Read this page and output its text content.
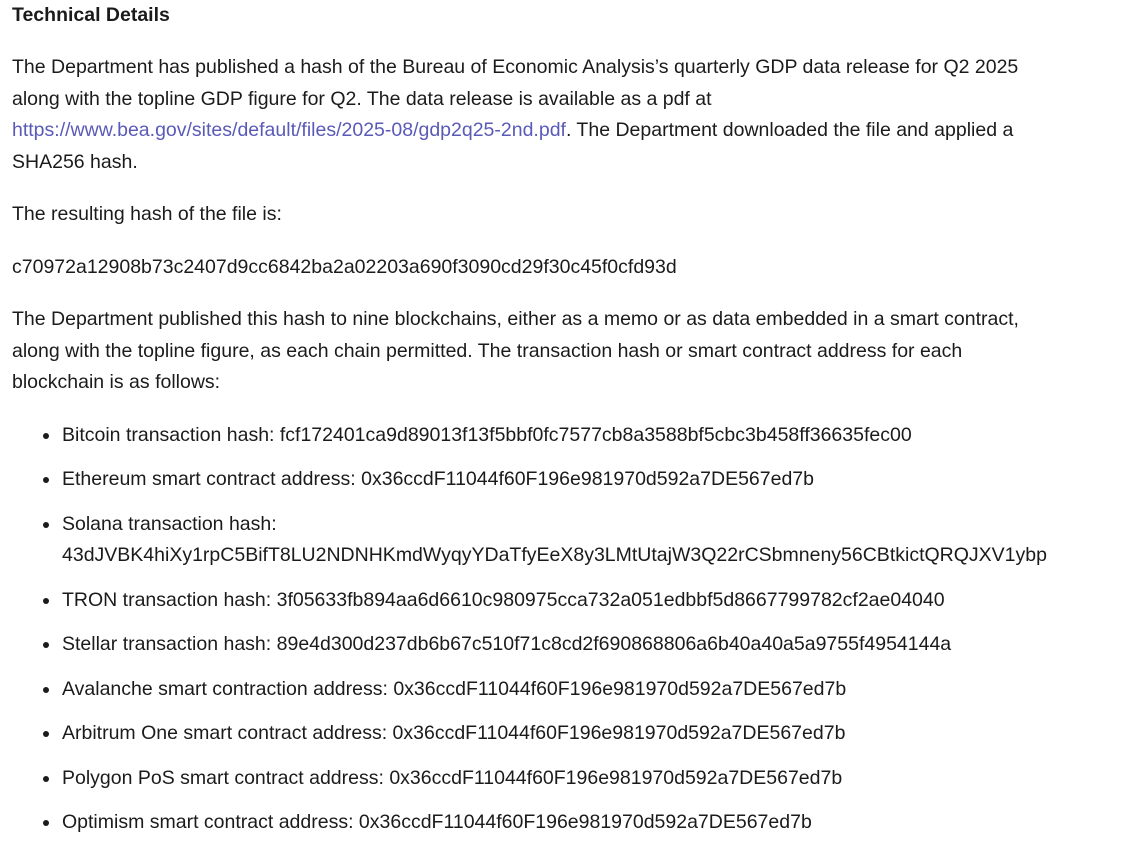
Technical Details

The Department has published a hash of the Bureau of Economic Analysis’s quarterly GDP data release for Q2 2025 along with the topline GDP figure for Q2. The data release is available as a pdf at https://www.bea.gov/sites/default/files/2025-08/gdp2q25-2nd.pdf. The Department downloaded the file and applied a SHA256 hash.

The resulting hash of the file is:

c70972a12908b73c2407d9cc6842ba2a02203a690f3090cd29f30c45f0cfd93d

The Department published this hash to nine blockchains, either as a memo or as data embedded in a smart contract, along with the topline figure, as each chain permitted. The transaction hash or smart contract address for each blockchain is as follows:

Bitcoin transaction hash: fcf172401ca9d89013f13f5bbf0fc7577cb8a3588bf5cbc3b458ff36635fec00
Ethereum smart contract address: 0x36ccdF11044f60F196e981970d592a7DE567ed7b
Solana transaction hash:
43dJVBK4hiXy1rpC5BifT8LU2NDNHKmdWyqyYDaTfyEeX8y3LMtUtajW3Q22rCSbmneny56CBtkictQRQJXV1ybp
TRON transaction hash: 3f05633fb894aa6d6610c980975cca732a051edbbf5d8667799782cf2ae04040
Stellar transaction hash: 89e4d300d237db6b67c510f71c8cd2f690868806a6b40a40a5a9755f4954144a
Avalanche smart contraction address: 0x36ccdF11044f60F196e981970d592a7DE567ed7b
Arbitrum One smart contract address: 0x36ccdF11044f60F196e981970d592a7DE567ed7b
Polygon PoS smart contract address: 0x36ccdF11044f60F196e981970d592a7DE567ed7b
Optimism smart contract address: 0x36ccdF11044f60F196e981970d592a7DE567ed7b
